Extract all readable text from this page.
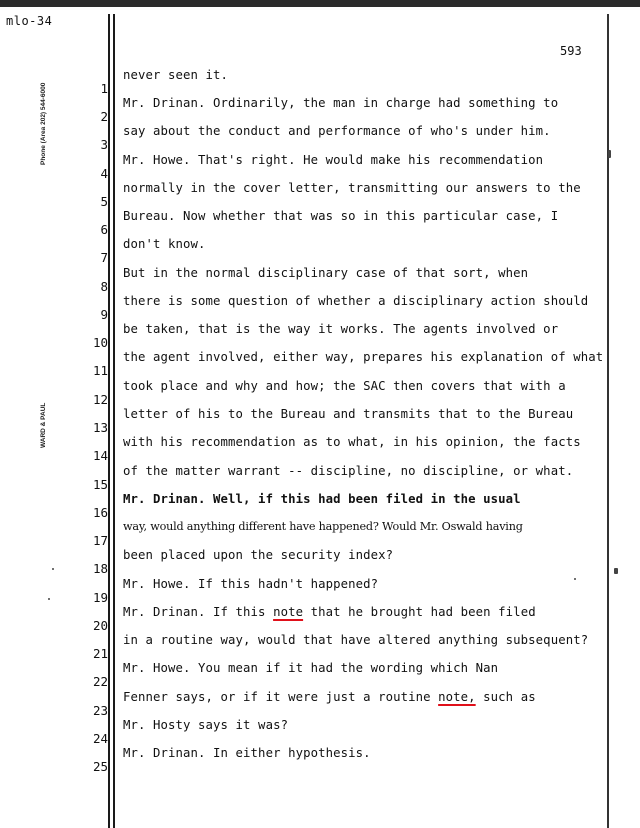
mlo-34
593
Phone (Area 202) 544-6000
WARD & PAUL
1
2
3
4
5
6
7
8
9
10
11
12
13
14
15
16
17
18
19
20
21
22
23
24
25
never seen it.
Mr. Drinan. Ordinarily, the man in charge had something to
say about the conduct and performance of who's under him.
Mr. Howe. That's right. He would make his recommendation
normally in the cover letter, transmitting our answers to the
Bureau. Now whether that was so in this particular case, I
don't know.
But in the normal disciplinary case of that sort, when
there is some question of whether a disciplinary action should
be taken, that is the way it works. The agents involved or
the agent involved, either way, prepares his explanation of what
took place and why and how; the SAC then covers that with a
letter of his to the Bureau and transmits that to the Bureau
with his recommendation as to what, in his opinion, the facts
of the matter warrant -- discipline, no discipline, or what.
Mr. Drinan. Well, if this had been filed in the usual
way, would anything different have happened? Would Mr. Oswald having
been placed upon the security index?
Mr. Howe. If this hadn't happened?
Mr. Drinan. If this note that he brought had been filed
in a routine way, would that have altered anything subsequent?
Mr. Howe. You mean if it had the wording which Nan
Fenner says, or if it were just a routine note, such as
Mr. Hosty says it was?
Mr. Drinan. In either hypothesis.
